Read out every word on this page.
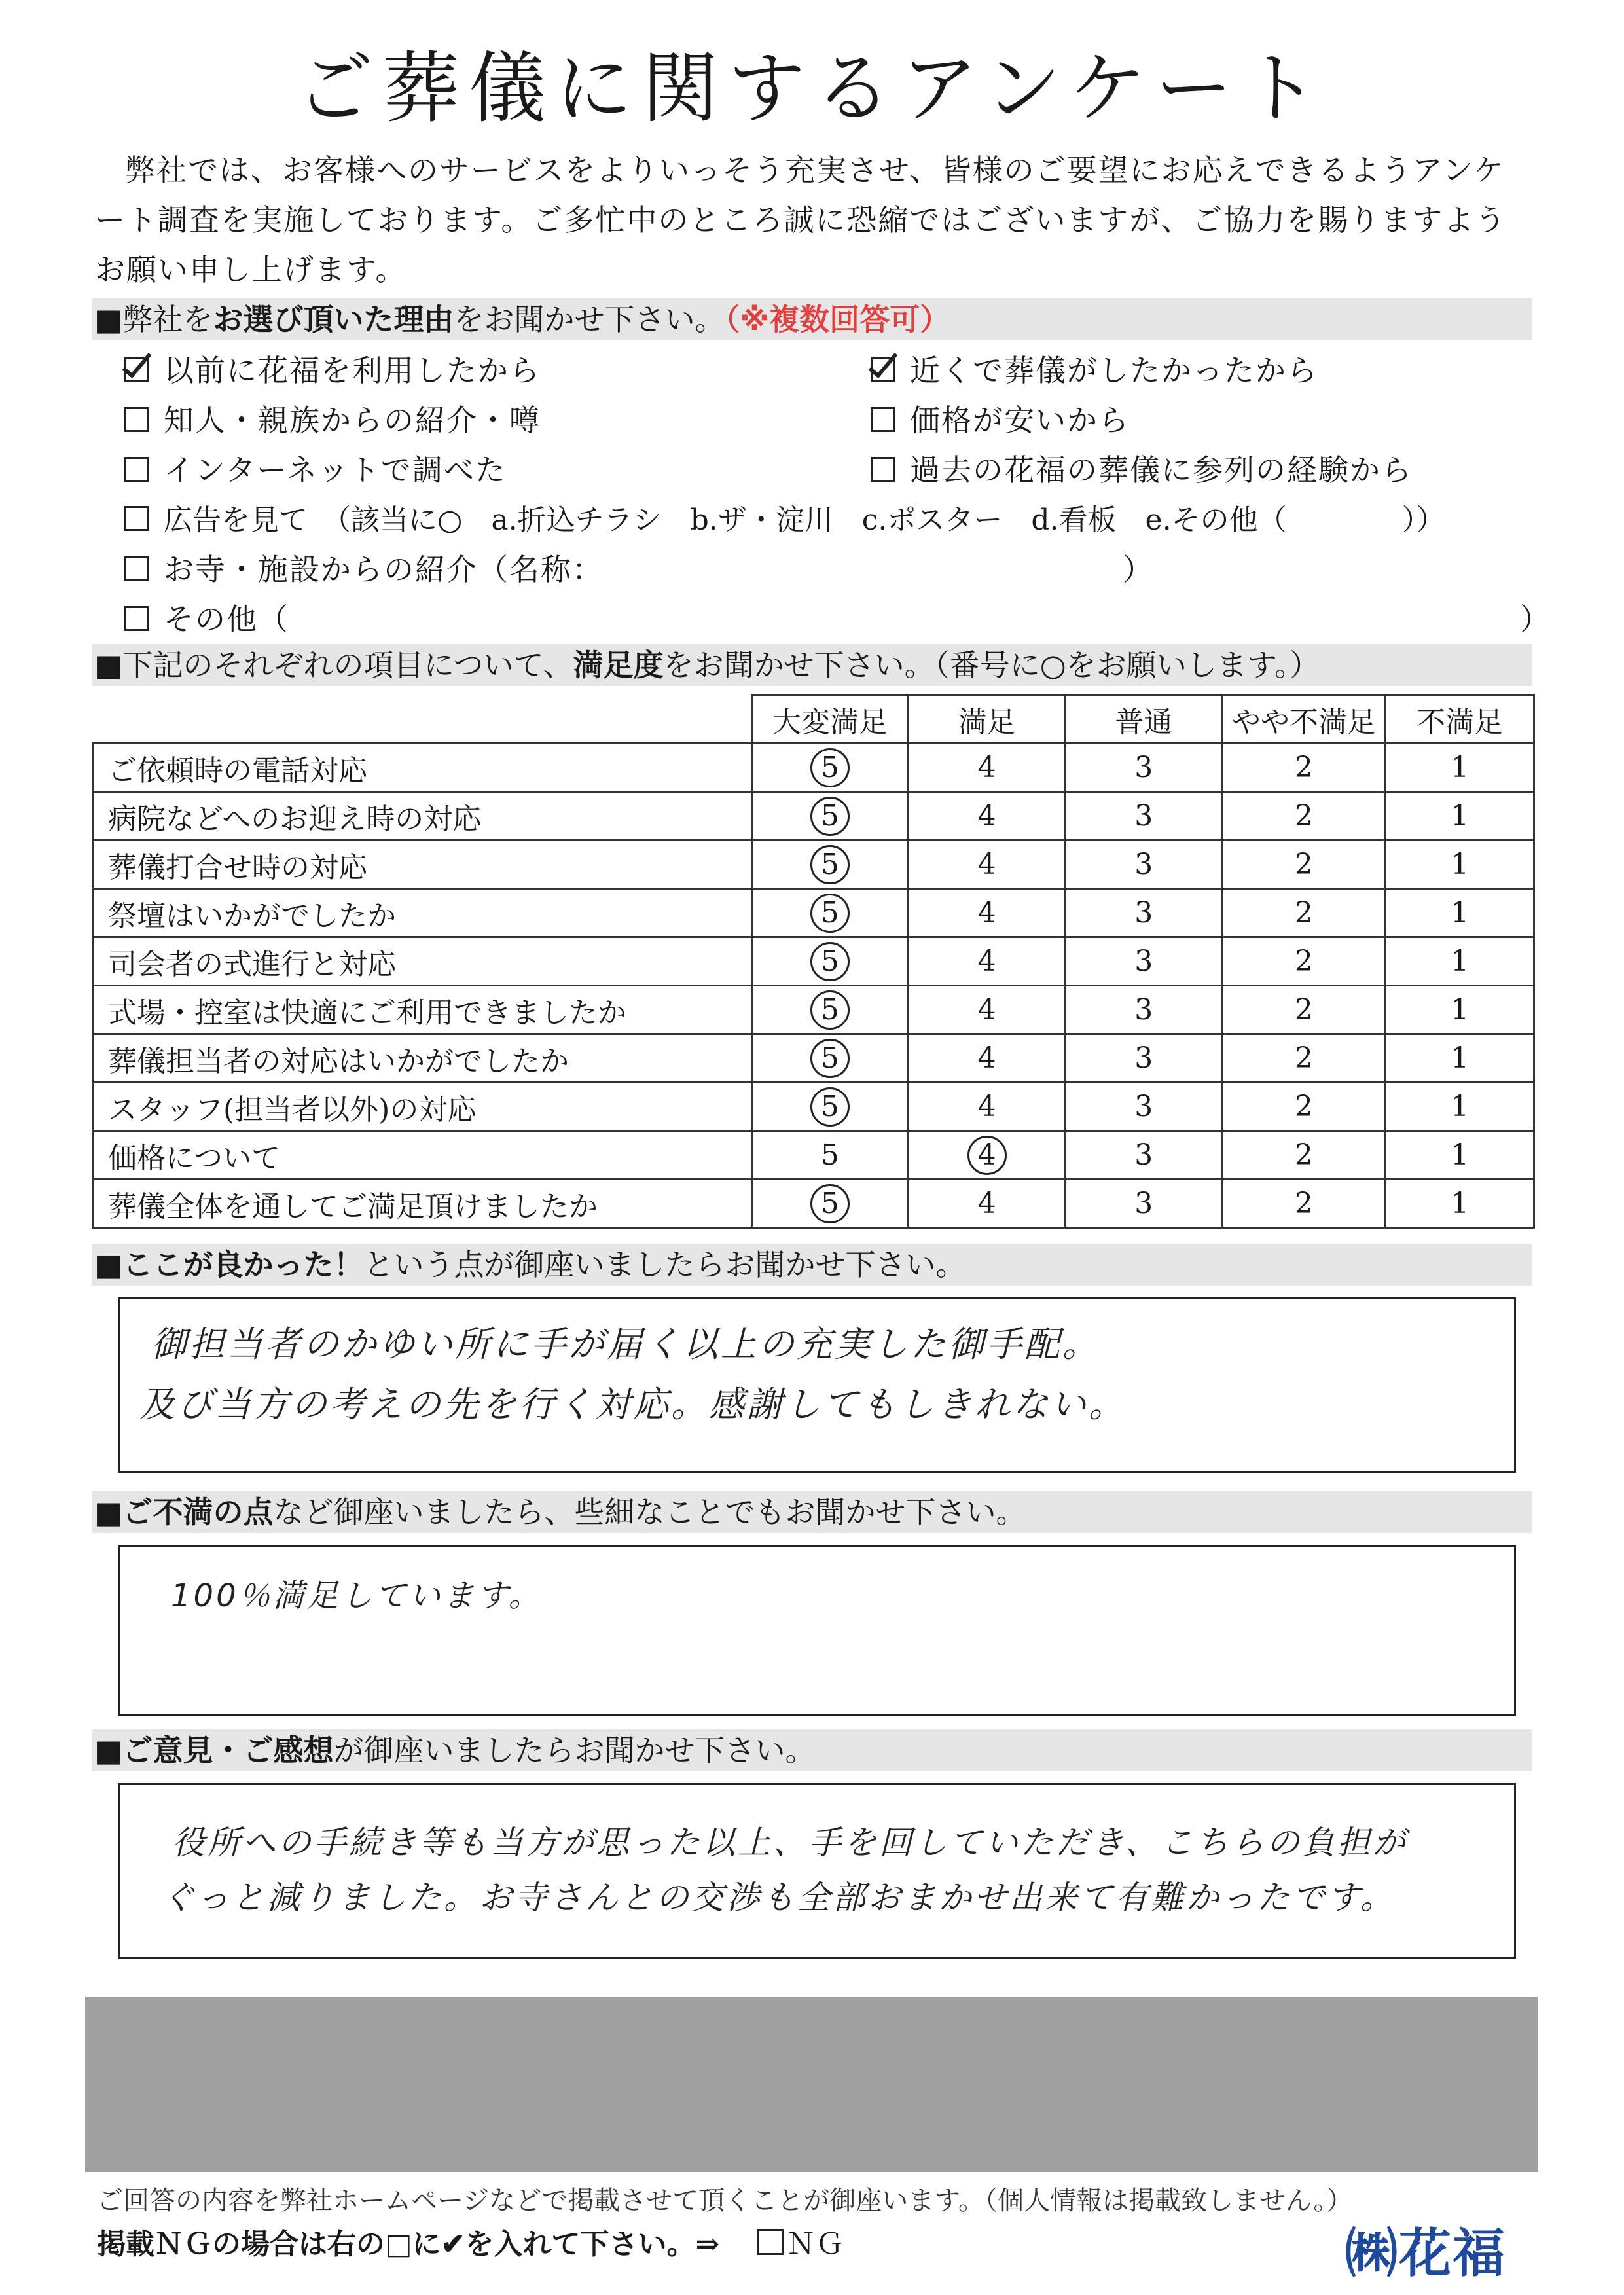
ご葬儀に関するアンケート
弊社では、お客様へのサービスをよりいっそう充実させ、皆様のご要望にお応えできるようアンケート調査を実施しております。ご多忙中のところ誠に恐縮ではございますが、ご協力を賜りますようお願い申し上げます。
■弊社をお選び頂いた理由をお聞かせ下さい。（※複数回答可）
以前に花福を利用したから	近くで葬儀がしたかったから
知人・親族からの紹介・噂	価格が安いから
インターネットで調べた	過去の花福の葬儀に参列の経験から
広告を見て　（該当に○　a.折込チラシ　b.ザ・淀川　c.ポスター　d.看板　e.その他（　　　　））
お寺・施設からの紹介（名称：　　　　　　　　　　　　　　　　　）
その他（	）
■下記のそれぞれの項目について、満足度をお聞かせ下さい。（番号に○をお願いします。）
	大変満足	満足	普通	やや不満足	不満足
ご依頼時の電話対応	5	4	3	2	1
病院などへのお迎え時の対応	5	4	3	2	1
葬儀打合せ時の対応	5	4	3	2	1
祭壇はいかがでしたか	5	4	3	2	1
司会者の式進行と対応	5	4	3	2	1
式場・控室は快適にご利用できましたか	5	4	3	2	1
葬儀担当者の対応はいかがでしたか	5	4	3	2	1
スタッフ(担当者以外)の対応	5	4	3	2	1
価格について	5	4	3	2	1
葬儀全体を通してご満足頂けましたか	5	4	3	2	1
■ここが良かった！という点が御座いましたらお聞かせ下さい。
御担当者のかゆい所に手が届く以上の充実した御手配。
及び当方の考えの先を行く対応。感謝してもしきれない。
■ご不満の点など御座いましたら、些細なことでもお聞かせ下さい。
100％満足しています。
■ご意見・ご感想が御座いましたらお聞かせ下さい。
役所への手続き等も当方が思った以上、手を回していただき、こちらの負担が
ぐっと減りました。お寺さんとの交渉も全部おまかせ出来て有難かったです。
ご回答の内容を弊社ホームページなどで掲載させて頂くことが御座います。（個人情報は掲載致しません。）
掲載ＮＧの場合は右の□に✔を入れて下さい。⇒　 ＮＧ	㈱花福
